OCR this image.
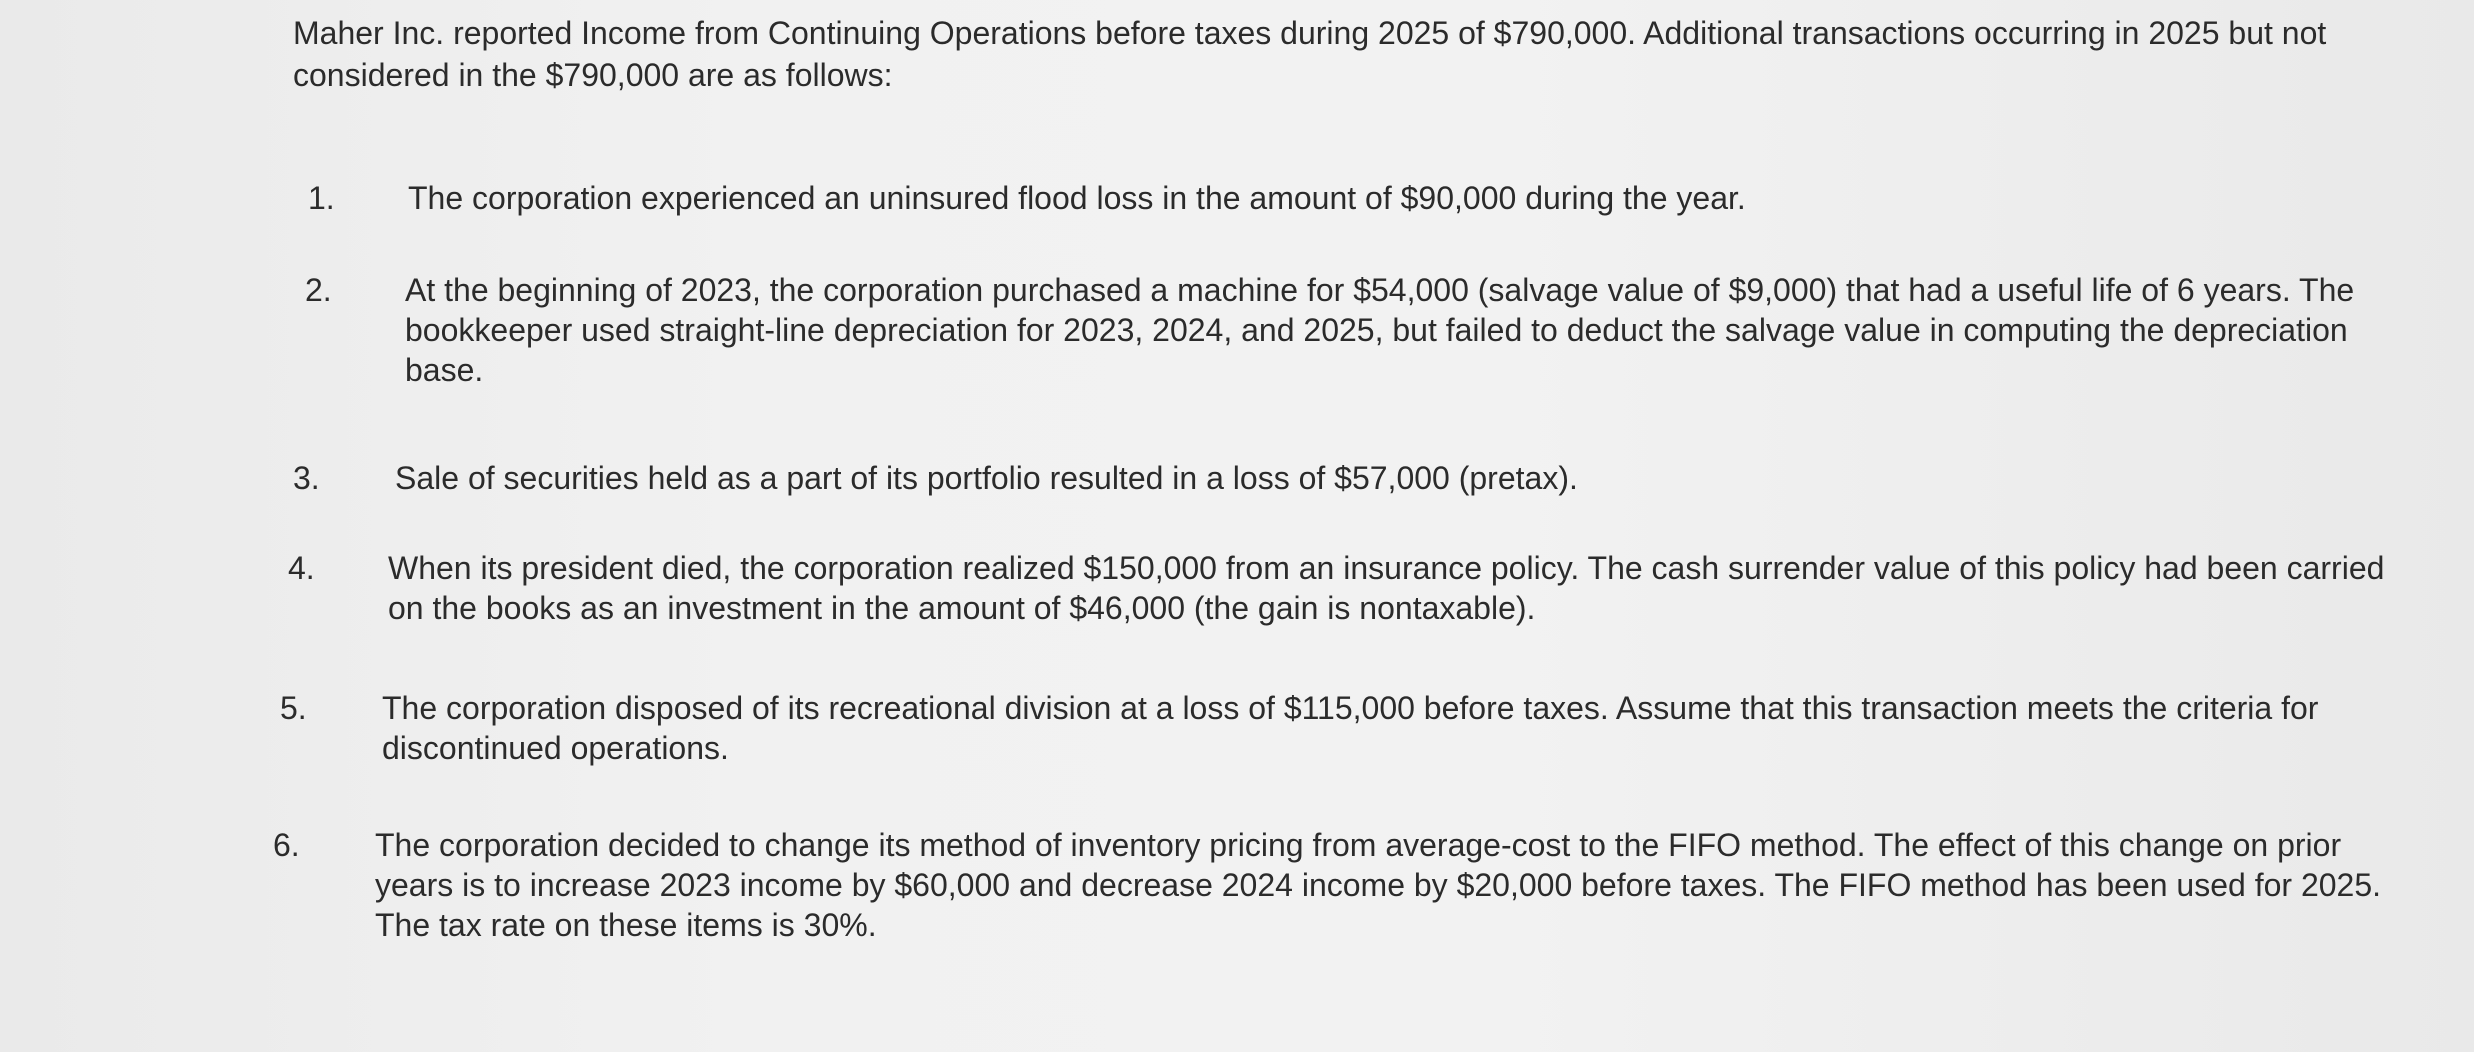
Maher Inc. reported Income from Continuing Operations before taxes during 2025 of $790,000. Additional transactions occurring in 2025 but not considered in the $790,000 are as follows:

1. The corporation experienced an uninsured flood loss in the amount of $90,000 during the year.
2. At the beginning of 2023, the corporation purchased a machine for $54,000 (salvage value of $9,000) that had a useful life of 6 years. The bookkeeper used straight-line depreciation for 2023, 2024, and 2025, but failed to deduct the salvage value in computing the depreciation base.
3. Sale of securities held as a part of its portfolio resulted in a loss of $57,000 (pretax).
4. When its president died, the corporation realized $150,000 from an insurance policy. The cash surrender value of this policy had been carried on the books as an investment in the amount of $46,000 (the gain is nontaxable).
5. The corporation disposed of its recreational division at a loss of $115,000 before taxes. Assume that this transaction meets the criteria for discontinued operations.
6. The corporation decided to change its method of inventory pricing from average-cost to the FIFO method. The effect of this change on prior years is to increase 2023 income by $60,000 and decrease 2024 income by $20,000 before taxes. The FIFO method has been used for 2025. The tax rate on these items is 30%.
